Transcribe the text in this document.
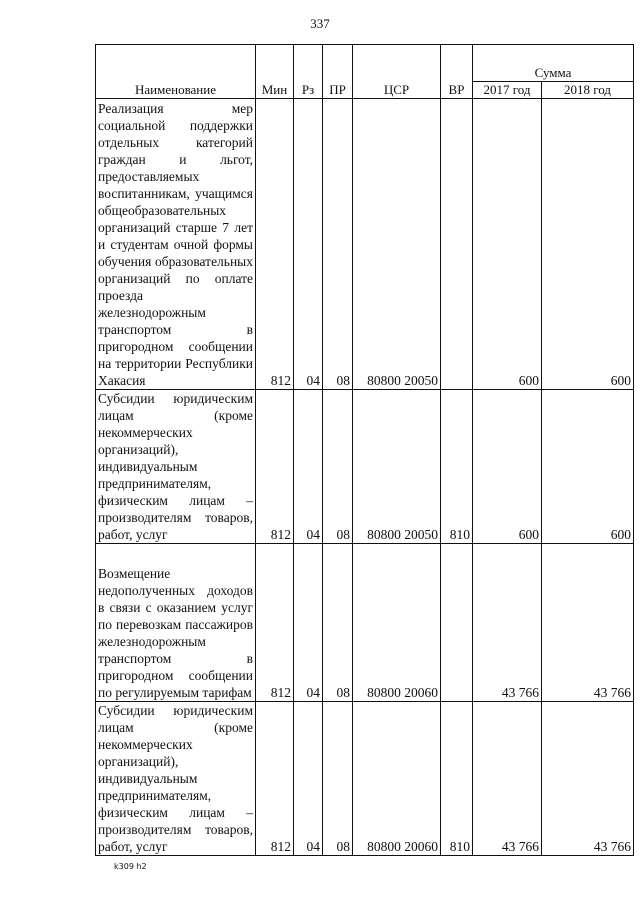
337
Наименование	Мин	Рз	ПР	ЦСР	ВР	Сумма	
						2017 год	2018 год
Реализация мер социальной поддержки отдельных категорий граждан и льгот, предоставляемых воспитанникам, учащимся общеобразовательных организаций старше 7 лет и студентам очной формы обучения образовательных организаций по оплате проезда железнодорожным транспортом в пригородном сообщении на территории Республики Хакасия	812	04	08	80800 20050		600	600
Субсидии юридическим лицам (кроме некоммерческих организаций), индивидуальным предпринимателям, физическим лицам – производителям товаров, работ, услуг	812	04	08	80800 20050	810	600	600
Возмещение недополученных доходов в связи с оказанием услуг по перевозкам пассажиров железнодорожным транспортом в пригородном сообщении по регулируемым тарифам	812	04	08	80800 20060		43 766	43 766
Субсидии юридическим лицам (кроме некоммерческих организаций), индивидуальным предпринимателям, физическим лицам – производителям товаров, работ, услуг	812	04	08	80800 20060	810	43 766	43 766
k309 h2
